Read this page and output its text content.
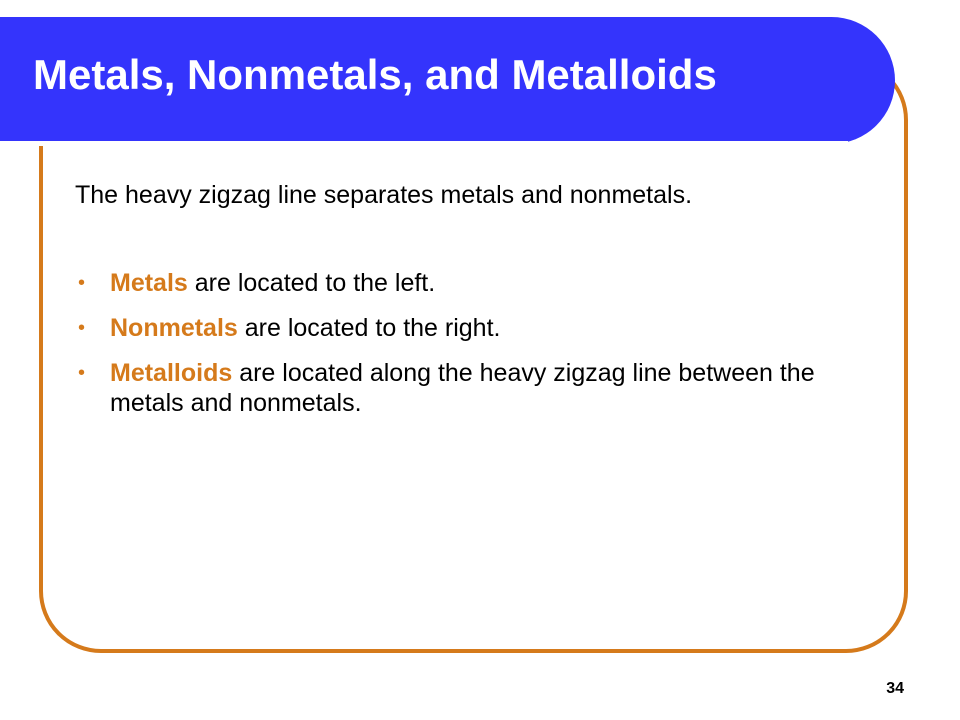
Metals, Nonmetals, and Metalloids

The heavy zigzag line separates metals and nonmetals.

• Metals are located to the left.
• Nonmetals are located to the right.
• Metalloids are located along the heavy zigzag line between the metals and nonmetals.
34
